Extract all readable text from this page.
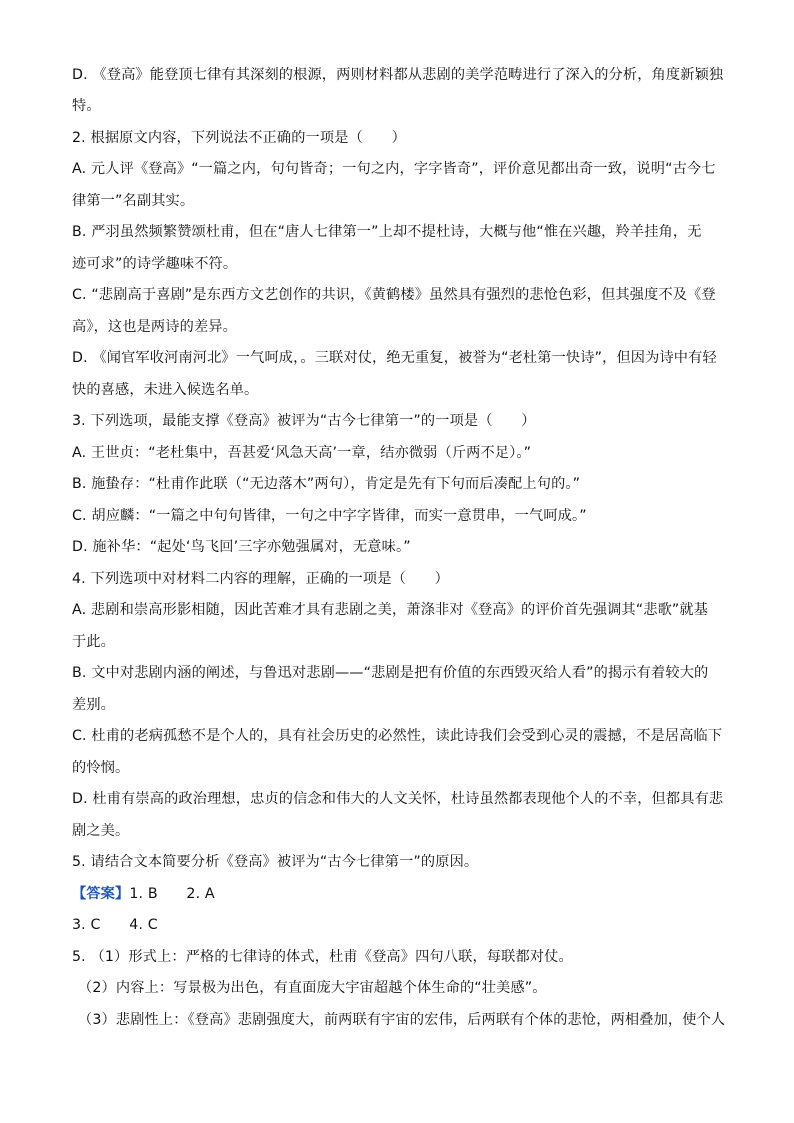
D. 《登高》能登顶七律有其深刻的根源，两则材料都从悲剧的美学范畴进行了深入的分析，角度新颖独
特。
2. 根据原文内容，下列说法不正确的一项是（　　）
A. 元人评《登高》“一篇之内，句句皆奇；一句之内，字字皆奇”，评价意见都出奇一致，说明“古今七
律第一”名副其实。
B. 严羽虽然频繁赞颂杜甫，但在“唐人七律第一”上却不提杜诗，大概与他“惟在兴趣，羚羊挂角，无
迹可求”的诗学趣味不符。
C. “悲剧高于喜剧”是东西方文艺创作的共识，《黄鹤楼》虽然具有强烈的悲怆色彩，但其强度不及《登
高》，这也是两诗的差异。
D. 《闻官军收河南河北》一气呵成，。三联对仗，绝无重复，被誉为“老杜第一快诗”，但因为诗中有轻
快的喜感，未进入候选名单。
3. 下列选项，最能支撑《登高》被评为“古今七律第一”的一项是（　　）
A. 王世贞：“老杜集中，吾甚爱‘风急天高’一章，结亦微弱（斤两不足）。”
B. 施蛰存：“杜甫作此联（“无边落木”两句），肯定是先有下句而后凑配上句的。”
C. 胡应麟：“一篇之中句句皆律，一句之中字字皆律，而实一意贯串，一气呵成。”
D. 施补华：“起处‘鸟飞回’三字亦勉强属对，无意味。”
4. 下列选项中对材料二内容的理解，正确的一项是（　　）
A. 悲剧和崇高形影相随，因此苦难才具有悲剧之美，萧涤非对《登高》的评价首先强调其“悲歌”就基
于此。
B. 文中对悲剧内涵的阐述，与鲁迅对悲剧——“悲剧是把有价值的东西毁灭给人看”的揭示有着较大的
差别。
C. 杜甫的老病孤愁不是个人的，具有社会历史的必然性，读此诗我们会受到心灵的震撼，不是居高临下
的怜悯。
D. 杜甫有崇高的政治理想，忠贞的信念和伟大的人文关怀，杜诗虽然都表现他个人的不幸，但都具有悲
剧之美。
5. 请结合文本简要分析《登高》被评为“古今七律第一”的原因。
【答案】1. B　　2. A
3. C　　4. C
5. （1）形式上：严格的七律诗的体式，杜甫《登高》四句八联，每联都对仗。
（2）内容上：写景极为出色，有直面庞大宇宙超越个体生命的“壮美感”。
（3）悲剧性上：《登高》悲剧强度大，前两联有宇宙的宏伟，后两联有个体的悲怆，两相叠加，使个人
